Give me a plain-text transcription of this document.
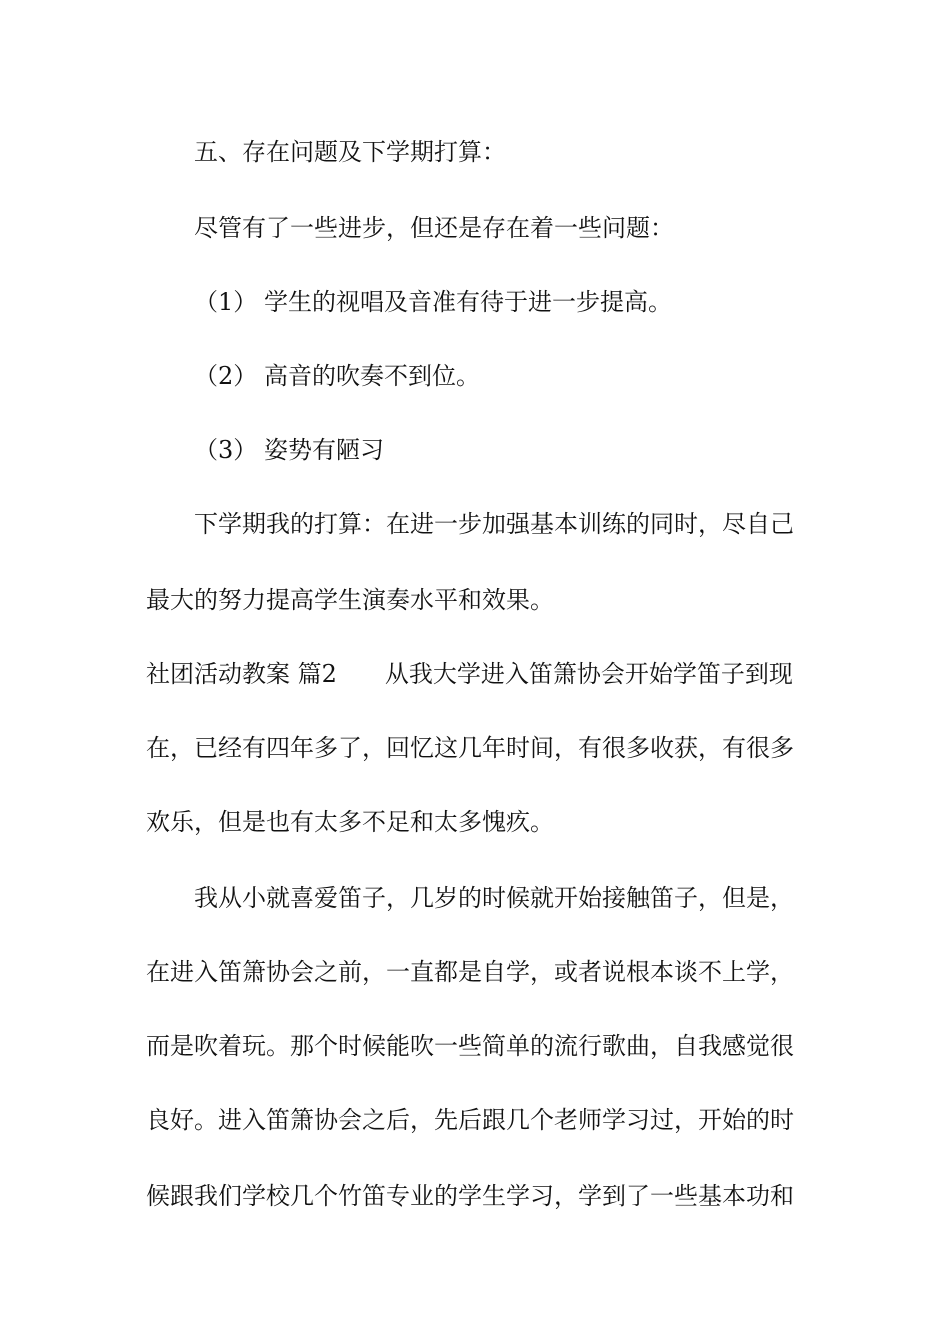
五、存在问题及下学期打算：
尽管有了一些进步，但还是存在着一些问题：
（1） 学生的视唱及音准有待于进一步提高。
（2） 高音的吹奏不到位。
（3） 姿势有陋习
下学期我的打算：在进一步加强基本训练的同时，尽自己
最大的努力提高学生演奏水平和效果。
社团活动教案 篇2 从我大学进入笛箫协会开始学笛子到现
在，已经有四年多了，回忆这几年时间，有很多收获，有很多
欢乐，但是也有太多不足和太多愧疚。
我从小就喜爱笛子，几岁的时候就开始接触笛子，但是，
在进入笛箫协会之前，一直都是自学，或者说根本谈不上学，
而是吹着玩。那个时候能吹一些简单的流行歌曲，自我感觉很
良好。进入笛箫协会之后，先后跟几个老师学习过，开始的时
候跟我们学校几个竹笛专业的学生学习，学到了一些基本功和
